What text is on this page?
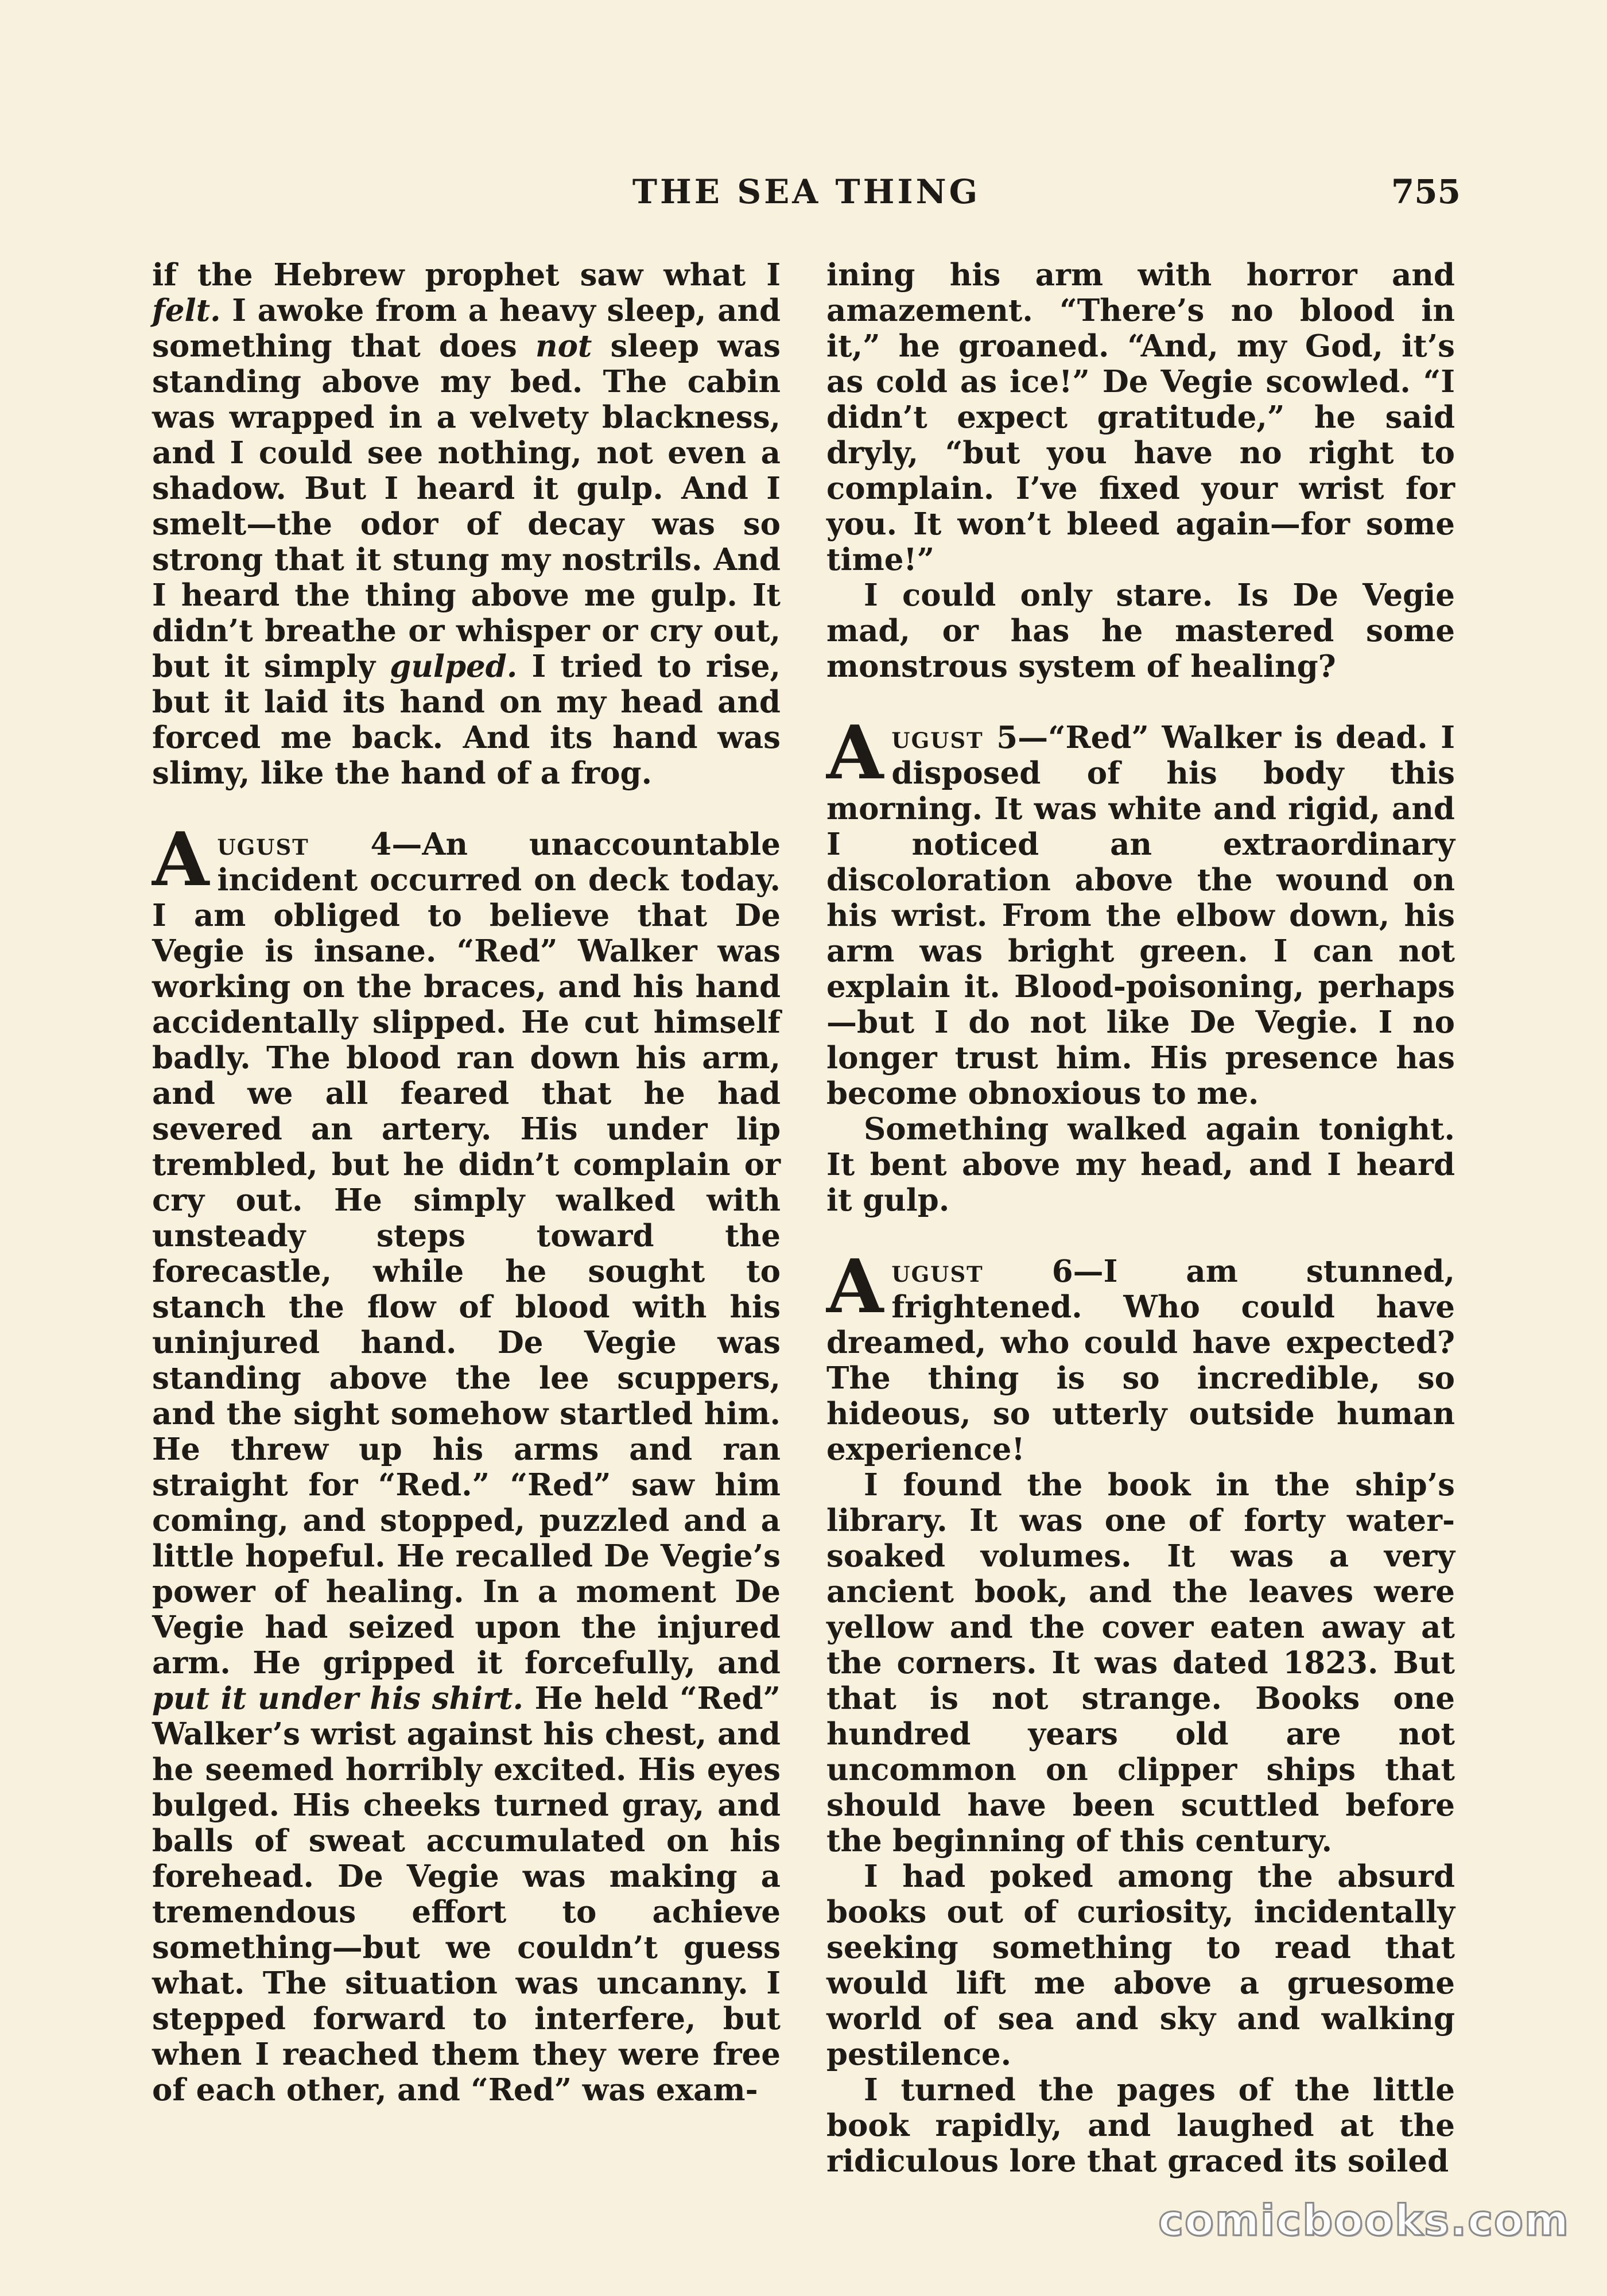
THE SEA THING	755

if the Hebrew prophet saw what I felt. I awoke from a heavy sleep, and something that does not sleep was standing above my bed. The cabin was wrapped in a velvety blackness, and I could see nothing, not even a shadow. But I heard it gulp. And I smelt—the odor of decay was so strong that it stung my nostrils. And I heard the thing above me gulp. It didn’t breathe or whisper or cry out, but it simply gulped. I tried to rise, but it laid its hand on my head and forced me back. And its hand was slimy, like the hand of a frog.

August 4—An unaccountable incident occurred on deck today. I am obliged to believe that De Vegie is insane. “Red” Walker was working on the braces, and his hand accidentally slipped. He cut himself badly. The blood ran down his arm, and we all feared that he had severed an artery. His under lip trembled, but he didn’t complain or cry out. He simply walked with unsteady steps toward the forecastle, while he sought to stanch the flow of blood with his uninjured hand. De Vegie was standing above the lee scuppers, and the sight somehow startled him. He threw up his arms and ran straight for “Red.” “Red” saw him coming, and stopped, puzzled and a little hopeful. He recalled De Vegie’s power of healing. In a moment De Vegie had seized upon the injured arm. He gripped it forcefully, and put it under his shirt. He held “Red” Walker’s wrist against his chest, and he seemed horribly excited. His eyes bulged. His cheeks turned gray, and balls of sweat accumulated on his forehead. De Vegie was making a tremendous effort to achieve something—but we couldn’t guess what. The situation was uncanny. I stepped forward to interfere, but when I reached them they were free of each other, and “Red” was exam-

ining his arm with horror and amazement. “There’s no blood in it,” he groaned. “And, my God, it’s as cold as ice!” De Vegie scowled. “I didn’t expect gratitude,” he said dryly, “but you have no right to complain. I’ve fixed your wrist for you. It won’t bleed again—for some time!”

I could only stare. Is De Vegie mad, or has he mastered some monstrous system of healing?

August 5—“Red” Walker is dead. I disposed of his body this morning. It was white and rigid, and I noticed an extraordinary discoloration above the wound on his wrist. From the elbow down, his arm was bright green. I can not explain it. Blood-poisoning, perhaps—but I do not like De Vegie. I no longer trust him. His presence has become obnoxious to me.

Something walked again tonight. It bent above my head, and I heard it gulp.

August 6—I am stunned, frightened. Who could have dreamed, who could have expected? The thing is so incredible, so hideous, so utterly outside human experience!

I found the book in the ship’s library. It was one of forty water-soaked volumes. It was a very ancient book, and the leaves were yellow and the cover eaten away at the corners. It was dated 1823. But that is not strange. Books one hundred years old are not uncommon on clipper ships that should have been scuttled before the beginning of this century.

I had poked among the absurd books out of curiosity, incidentally seeking something to read that would lift me above a gruesome world of sea and sky and walking pestilence.

I turned the pages of the little book rapidly, and laughed at the ridiculous lore that graced its soiled

comicbooks.com
